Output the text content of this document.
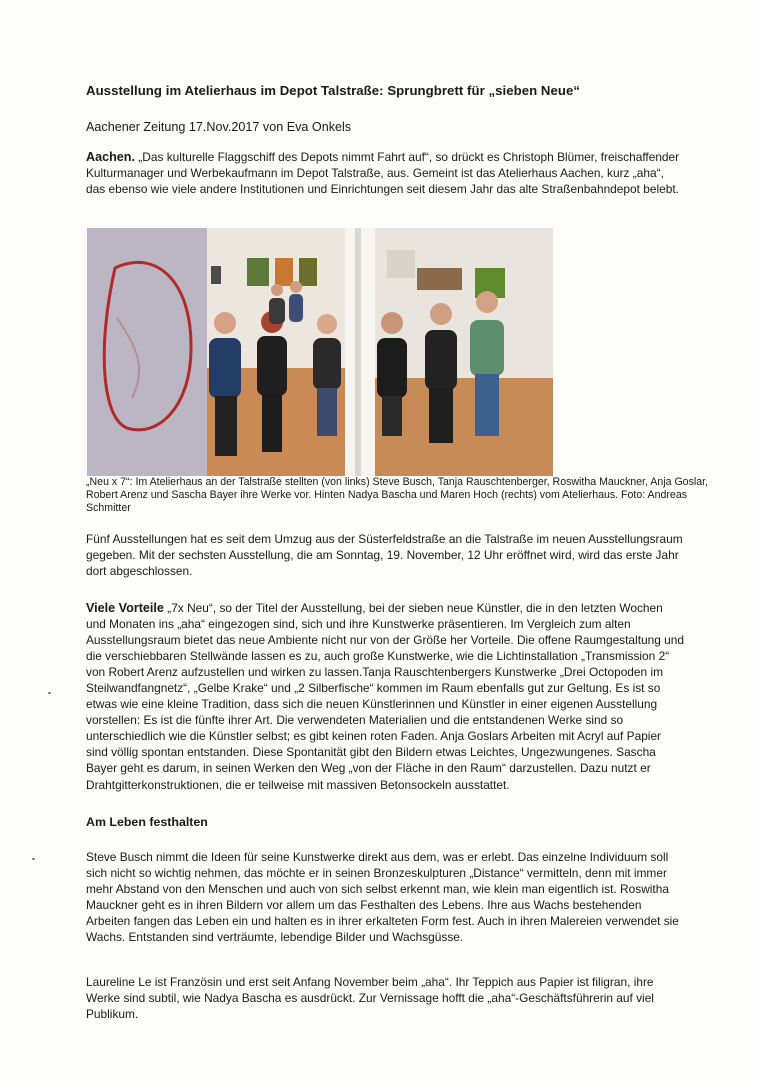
Ausstellung im Atelierhaus im Depot Talstraße: Sprungbrett für „sieben Neue“
Aachener Zeitung 17.Nov.2017 von Eva Onkels

Aachen. „Das kulturelle Flaggschiff des Depots nimmt Fahrt auf“, so drückt es Christoph Blümer, freischaffender Kulturmanager und Werbekaufmann im Depot Talstraße, aus. Gemeint ist das Atelierhaus Aachen, kurz „aha“, das ebenso wie viele andere Institutionen und Einrichtungen seit diesem Jahr das alte Straßenbahndepot belebt.

„Neu x 7“: Im Atelierhaus an der Talstraße stellten (von links) Steve Busch, Tanja Rauschtenberger, Roswitha Mauckner, Anja Goslar, Robert Arenz und Sascha Bayer ihre Werke vor. Hinten Nadya Bascha und Maren Hoch (rechts) vom Atelierhaus. Foto: Andreas Schmitter

Fünf Ausstellungen hat es seit dem Umzug aus der Süsterfeldstraße an die Talstraße im neuen Ausstellungsraum gegeben. Mit der sechsten Ausstellung, die am Sonntag, 19. November, 12 Uhr eröffnet wird, wird das erste Jahr dort abgeschlossen.

Viele Vorteile „7x Neu“, so der Titel der Ausstellung, bei der sieben neue Künstler, die in den letzten Wochen und Monaten ins „aha“ eingezogen sind, sich und ihre Kunstwerke präsentieren. Im Vergleich zum alten Ausstellungsraum bietet das neue Ambiente nicht nur von der Größe her Vorteile. Die offene Raumgestaltung und die verschiebbaren Stellwände lassen es zu, auch große Kunstwerke, wie die Lichtinstallation „Transmission 2“ von Robert Arenz aufzustellen und wirken zu lassen.Tanja Rauschtenbergers Kunstwerke „Drei Octopoden im Steilwandfangnetz“, „Gelbe Krake“ und „2 Silberfische“ kommen im Raum ebenfalls gut zur Geltung. Es ist so etwas wie eine kleine Tradition, dass sich die neuen Künstlerinnen und Künstler in einer eigenen Ausstellung vorstellen: Es ist die fünfte ihrer Art. Die verwendeten Materialien und die entstandenen Werke sind so unterschiedlich wie die Künstler selbst; es gibt keinen roten Faden. Anja Goslars Arbeiten mit Acryl auf Papier sind völlig spontan entstanden. Diese Spontanität gibt den Bildern etwas Leichtes, Ungezwungenes. Sascha Bayer geht es darum, in seinen Werken den Weg „von der Fläche in den Raum“ darzustellen. Dazu nutzt er Drahtgitterkonstruktionen, die er teilweise mit massiven Betonsockeln ausstattet.

Am Leben festhalten

Steve Busch nimmt die Ideen für seine Kunstwerke direkt aus dem, was er erlebt. Das einzelne Individuum soll sich nicht so wichtig nehmen, das möchte er in seinen Bronzeskulpturen „Distance“ vermitteln, denn mit immer mehr Abstand von den Menschen und auch von sich selbst erkennt man, wie klein man eigentlich ist. Roswitha Mauckner geht es in ihren Bildern vor allem um das Festhalten des Lebens. Ihre aus Wachs bestehenden Arbeiten fangen das Leben ein und halten es in ihrer erkalteten Form fest. Auch in ihren Malereien verwendet sie Wachs. Entstanden sind verträumte, lebendige Bilder und Wachsgüsse.

Laureline Le ist Französin und erst seit Anfang November beim „aha“. Ihr Teppich aus Papier ist filigran, ihre Werke sind subtil, wie Nadya Bascha es ausdrückt. Zur Vernissage hofft die „aha“-Geschäftsführerin auf viel Publikum.
